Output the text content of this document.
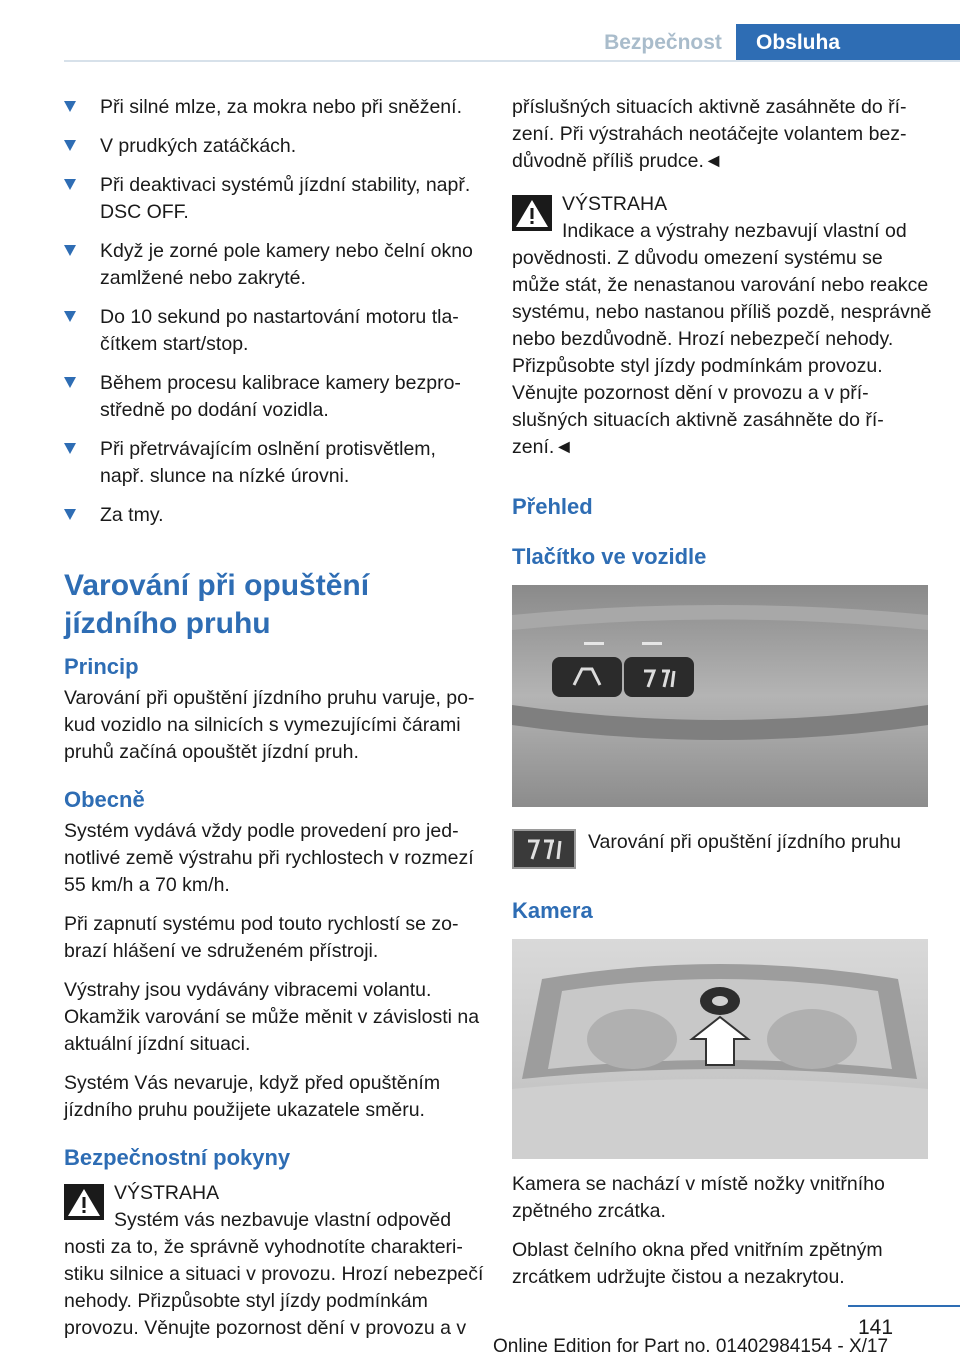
Bezpečnost	Obsluha
Při silné mlze, za mokra nebo při sněžení.
V prudkých zatáčkách.
Při deaktivaci systémů jízdní stability, např. DSC OFF.
Když je zorné pole kamery nebo čelní okno zamlžené nebo zakryté.
Do 10 sekund po nastartování motoru tlačítkem start/stop.
Během procesu kalibrace kamery bezprostředně po dodání vozidla.
Při přetrvávajícím oslnění protisvětlem, např. slunce na nízké úrovni.
Za tmy.
Varování při opuštění jízdního pruhu
Princip
Varování při opuštění jízdního pruhu varuje, pokud vozidlo na silnicích s vymezujícími čárami pruhů začíná opouštět jízdní pruh.
Obecně
Systém vydává vždy podle provedení pro jednotlivé země výstrahu při rychlostech v rozmezí 55 km/h a 70 km/h.
Při zapnutí systému pod touto rychlostí se zobrazí hlášení ve sdruženém přístroji.
Výstrahy jsou vydávány vibracemi volantu. Okamžik varování se může měnit v závislosti na aktuální jízdní situaci.
Systém Vás nevaruje, když před opuštěním jízdního pruhu použijete ukazatele směru.
Bezpečnostní pokyny
VÝSTRAHA
Systém vás nezbavuje vlastní odpověd
nosti za to, že správně vyhodnotíte charakteristiku silnice a situaci v provozu. Hrozí nebezpečí nehody. Přizpůsobte styl jízdy podmínkám provozu. Věnujte pozornost dění v provozu a v
příslušných situacích aktivně zasáhněte do řízení. Při výstrahách neotáčejte volantem bezdůvodně příliš prudce.◄
VÝSTRAHA
Indikace a výstrahy nezbavují vlastní od
povědnosti. Z důvodu omezení systému se může stát, že nenastanou varování nebo reakce systému, nebo nastanou příliš pozdě, nesprávně nebo bezdůvodně. Hrozí nebezpečí nehody. Přizpůsobte styl jízdy podmínkám provozu. Věnujte pozornost dění v provozu a v příslušných situacích aktivně zasáhněte do řízení.◄
Přehled
Tlačítko ve vozidle
Varování při opuštění jízdního pruhu
Kamera
Kamera se nachází v místě nožky vnitřního zpětného zrcátka.
Oblast čelního okna před vnitřním zpětným zrcátkem udržujte čistou a nezakrytou.
141
Online Edition for Part no. 01402984154 - X/17
